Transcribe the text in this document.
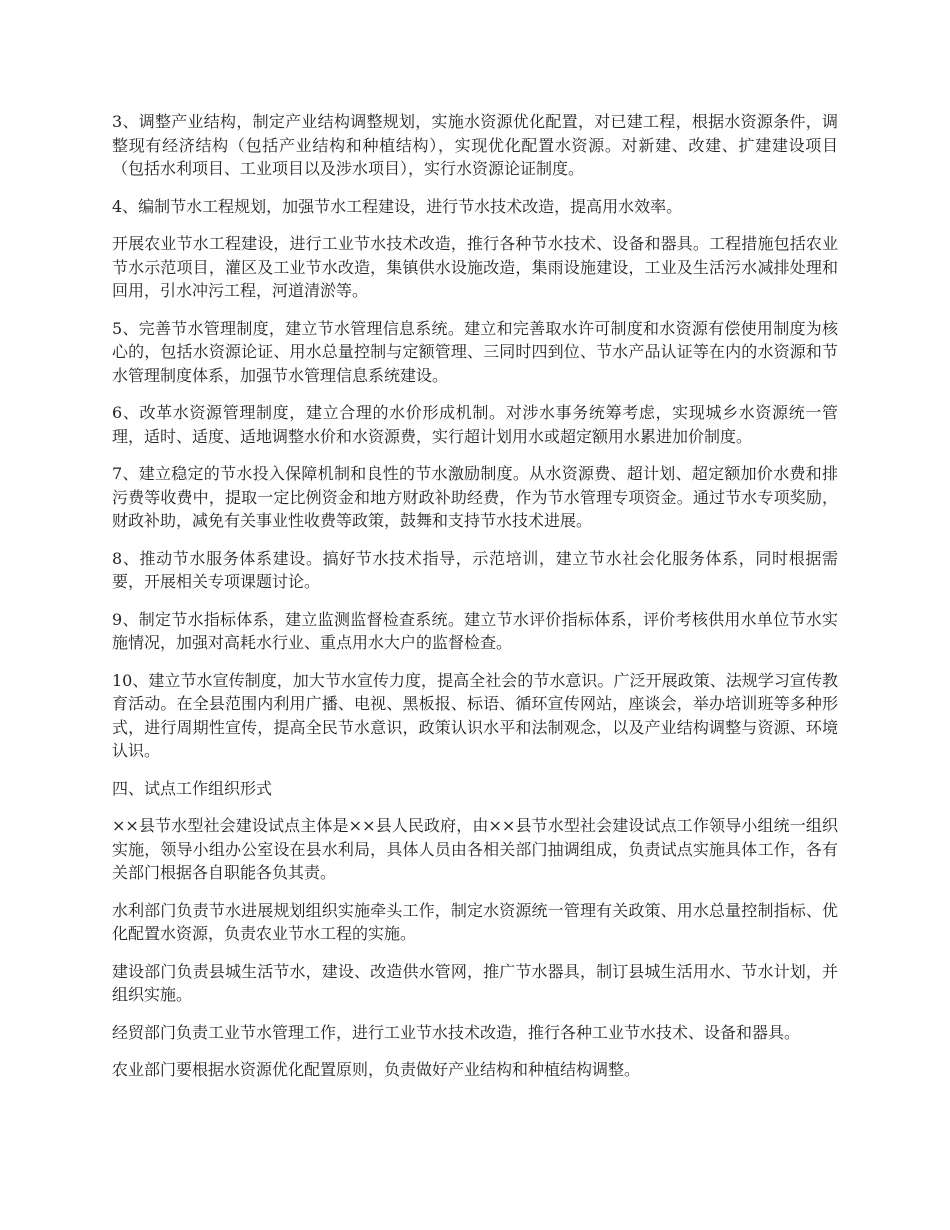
3、调整产业结构，制定产业结构调整规划，实施水资源优化配置，对已建工程，根据水资源条件，调整现有经济结构（包括产业结构和种植结构），实现优化配置水资源。对新建、改建、扩建建设项目（包括水利项目、工业项目以及涉水项目），实行水资源论证制度。

4、编制节水工程规划，加强节水工程建设，进行节水技术改造，提高用水效率。

开展农业节水工程建设，进行工业节水技术改造，推行各种节水技术、设备和器具。工程措施包括农业节水示范项目，灌区及工业节水改造，集镇供水设施改造，集雨设施建设，工业及生活污水减排处理和回用，引水冲污工程，河道清淤等。

5、完善节水管理制度，建立节水管理信息系统。建立和完善取水许可制度和水资源有偿使用制度为核心的，包括水资源论证、用水总量控制与定额管理、三同时四到位、节水产品认证等在内的水资源和节水管理制度体系，加强节水管理信息系统建设。

6、改革水资源管理制度，建立合理的水价形成机制。对涉水事务统筹考虑，实现城乡水资源统一管理，适时、适度、适地调整水价和水资源费，实行超计划用水或超定额用水累进加价制度。

7、建立稳定的节水投入保障机制和良性的节水激励制度。从水资源费、超计划、超定额加价水费和排污费等收费中，提取一定比例资金和地方财政补助经费，作为节水管理专项资金。通过节水专项奖励，财政补助，减免有关事业性收费等政策，鼓舞和支持节水技术进展。

8、推动节水服务体系建设。搞好节水技术指导，示范培训，建立节水社会化服务体系，同时根据需要，开展相关专项课题讨论。

9、制定节水指标体系，建立监测监督检查系统。建立节水评价指标体系，评价考核供用水单位节水实施情况，加强对高耗水行业、重点用水大户的监督检查。

10、建立节水宣传制度，加大节水宣传力度，提高全社会的节水意识。广泛开展政策、法规学习宣传教育活动。在全县范围内利用广播、电视、黑板报、标语、循环宣传网站，座谈会，举办培训班等多种形式，进行周期性宣传，提高全民节水意识，政策认识水平和法制观念，以及产业结构调整与资源、环境认识。

四、试点工作组织形式

××县节水型社会建设试点主体是××县人民政府，由××县节水型社会建设试点工作领导小组统一组织实施，领导小组办公室设在县水利局，具体人员由各相关部门抽调组成，负责试点实施具体工作，各有关部门根据各自职能各负其责。

水利部门负责节水进展规划组织实施牵头工作，制定水资源统一管理有关政策、用水总量控制指标、优化配置水资源，负责农业节水工程的实施。

建设部门负责县城生活节水，建设、改造供水管网，推广节水器具，制订县城生活用水、节水计划，并组织实施。

经贸部门负责工业节水管理工作，进行工业节水技术改造，推行各种工业节水技术、设备和器具。

农业部门要根据水资源优化配置原则，负责做好产业结构和种植结构调整。
